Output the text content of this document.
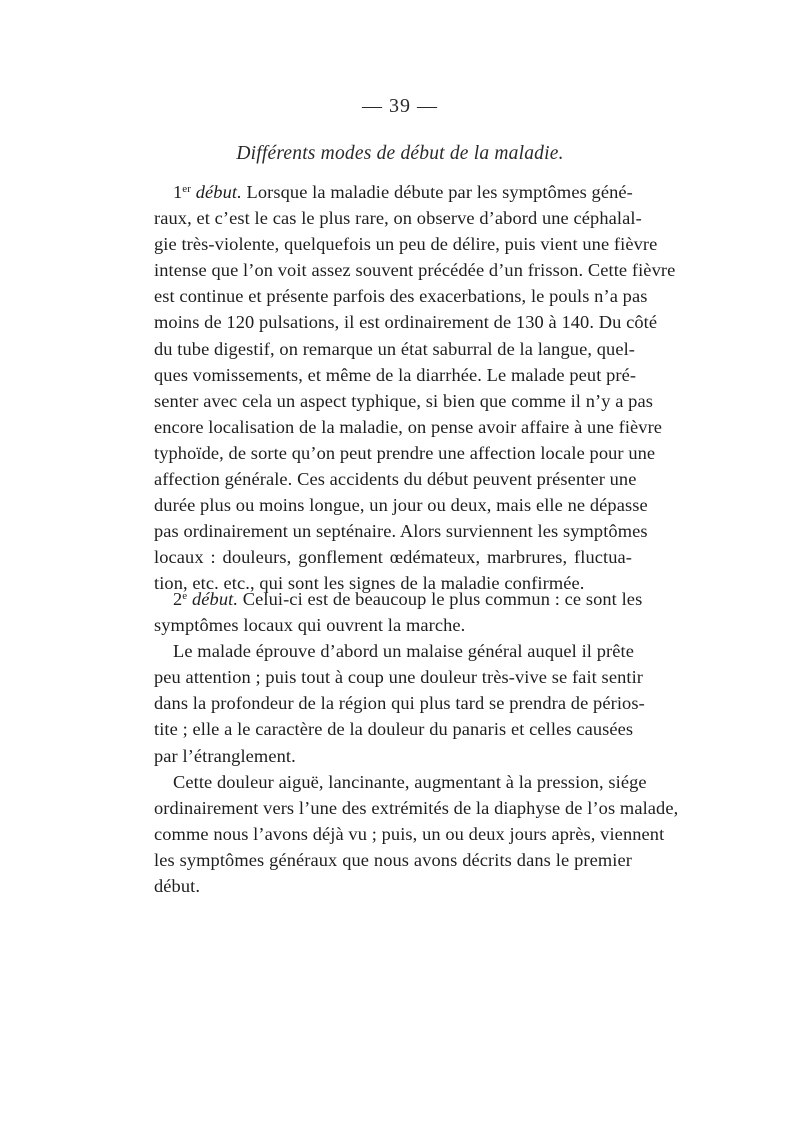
— 39 —
Différents modes de début de la maladie.
1er début. Lorsque la maladie débute par les symptômes géné-
raux, et c’est le cas le plus rare, on observe d’abord une céphalal-
gie très-violente, quelquefois un peu de délire, puis vient une fièvre
intense que l’on voit assez souvent précédée d’un frisson. Cette fièvre
est continue et présente parfois des exacerbations, le pouls n’a pas
moins de 120 pulsations, il est ordinairement de 130 à 140. Du côté
du tube digestif, on remarque un état saburral de la langue, quel-
ques vomissements, et même de la diarrhée. Le malade peut pré-
senter avec cela un aspect typhique, si bien que comme il n’y a pas
encore localisation de la maladie, on pense avoir affaire à une fièvre
typhoïde, de sorte qu’on peut prendre une affection locale pour une
affection générale. Ces accidents du début peuvent présenter une
durée plus ou moins longue, un jour ou deux, mais elle ne dépasse
pas ordinairement un septénaire. Alors surviennent les symptômes
locaux : douleurs, gonflement œdémateux, marbrures, fluctua-
tion, etc. etc., qui sont les signes de la maladie confirmée.
2e début. Celui-ci est de beaucoup le plus commun : ce sont les
symptômes locaux qui ouvrent la marche.
Le malade éprouve d’abord un malaise général auquel il prête
peu attention ; puis tout à coup une douleur très-vive se fait sentir
dans la profondeur de la région qui plus tard se prendra de périos-
tite ; elle a le caractère de la douleur du panaris et celles causées
par l’étranglement.
Cette douleur aiguë, lancinante, augmentant à la pression, siége
ordinairement vers l’une des extrémités de la diaphyse de l’os malade,
comme nous l’avons déjà vu ; puis, un ou deux jours après, viennent
les symptômes généraux que nous avons décrits dans le premier
début.
